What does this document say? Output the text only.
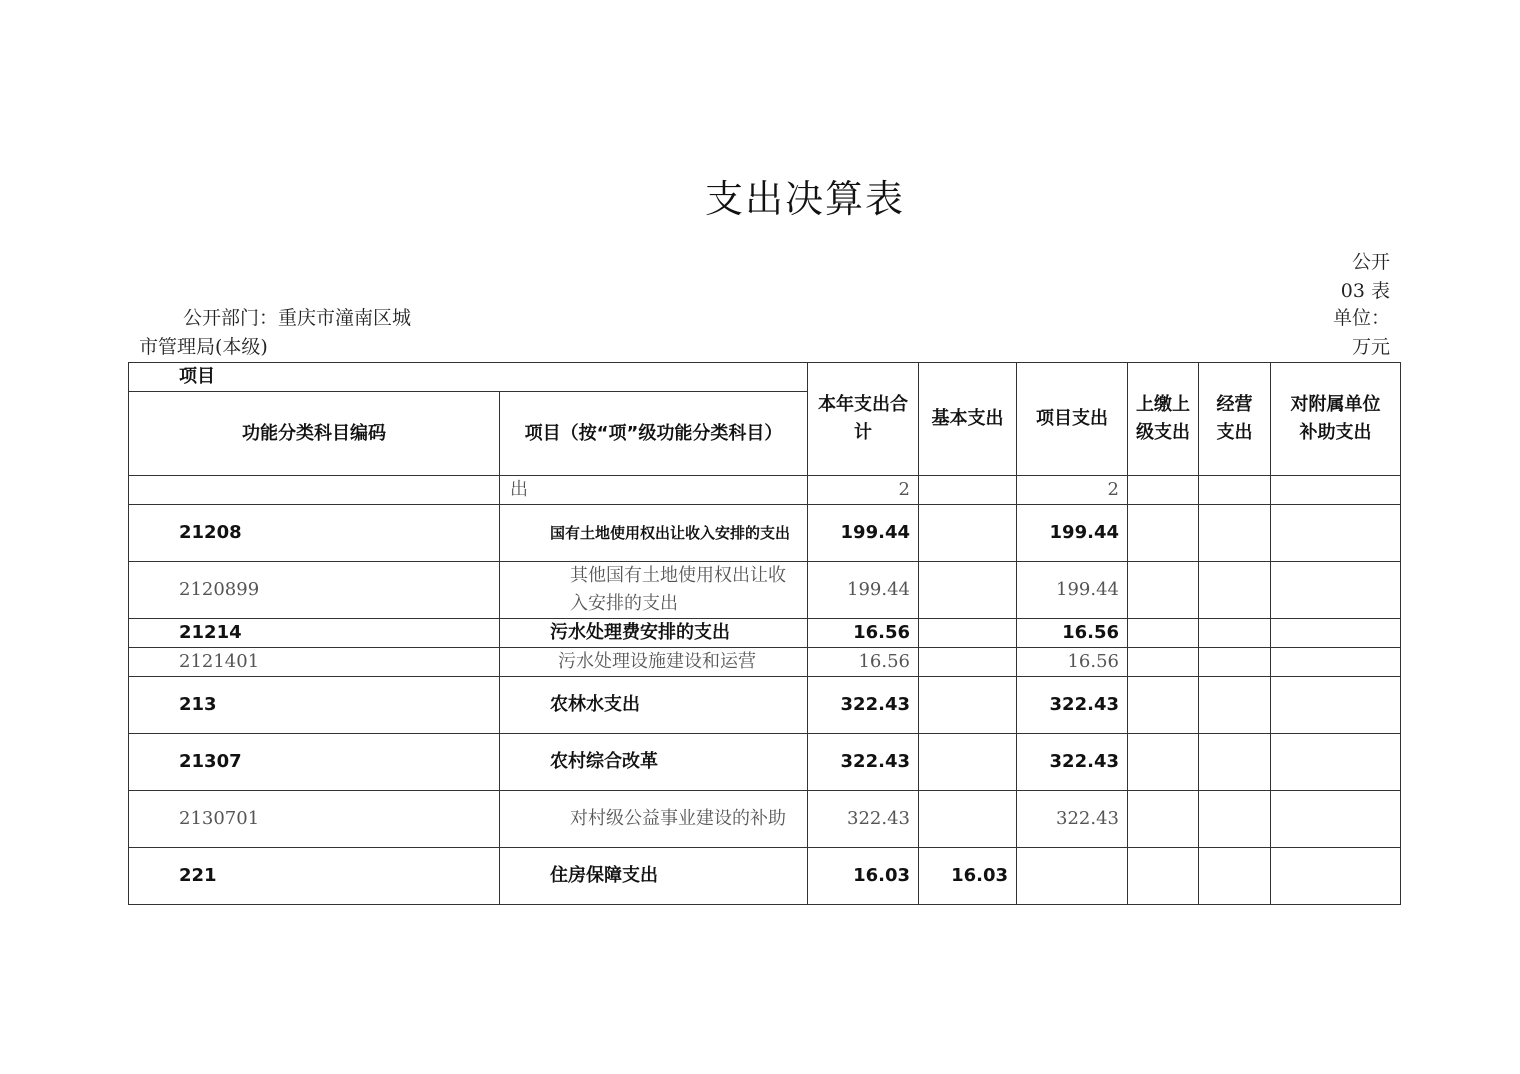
支出决算表
公开
03 表
公开部门：重庆市潼南区城
市管理局(本级)
单位：
万元
项目		本年支出合计	基本支出	项目支出	上缴上级支出	经营支出	对附属单位补助支出
功能分类科目编码	项目（按“项”级功能分类科目）						
	出	2		2			
21208	国有土地使用权出让收入安排的支出	199.44		199.44			
2120899	其他国有土地使用权出让收入安排的支出	199.44		199.44			
21214	污水处理费安排的支出	16.56		16.56			
2121401	污水处理设施建设和运营	16.56		16.56			
213	农林水支出	322.43		322.43			
21307	农村综合改革	322.43		322.43			
2130701	对村级公益事业建设的补助	322.43		322.43			
221	住房保障支出	16.03	16.03				
